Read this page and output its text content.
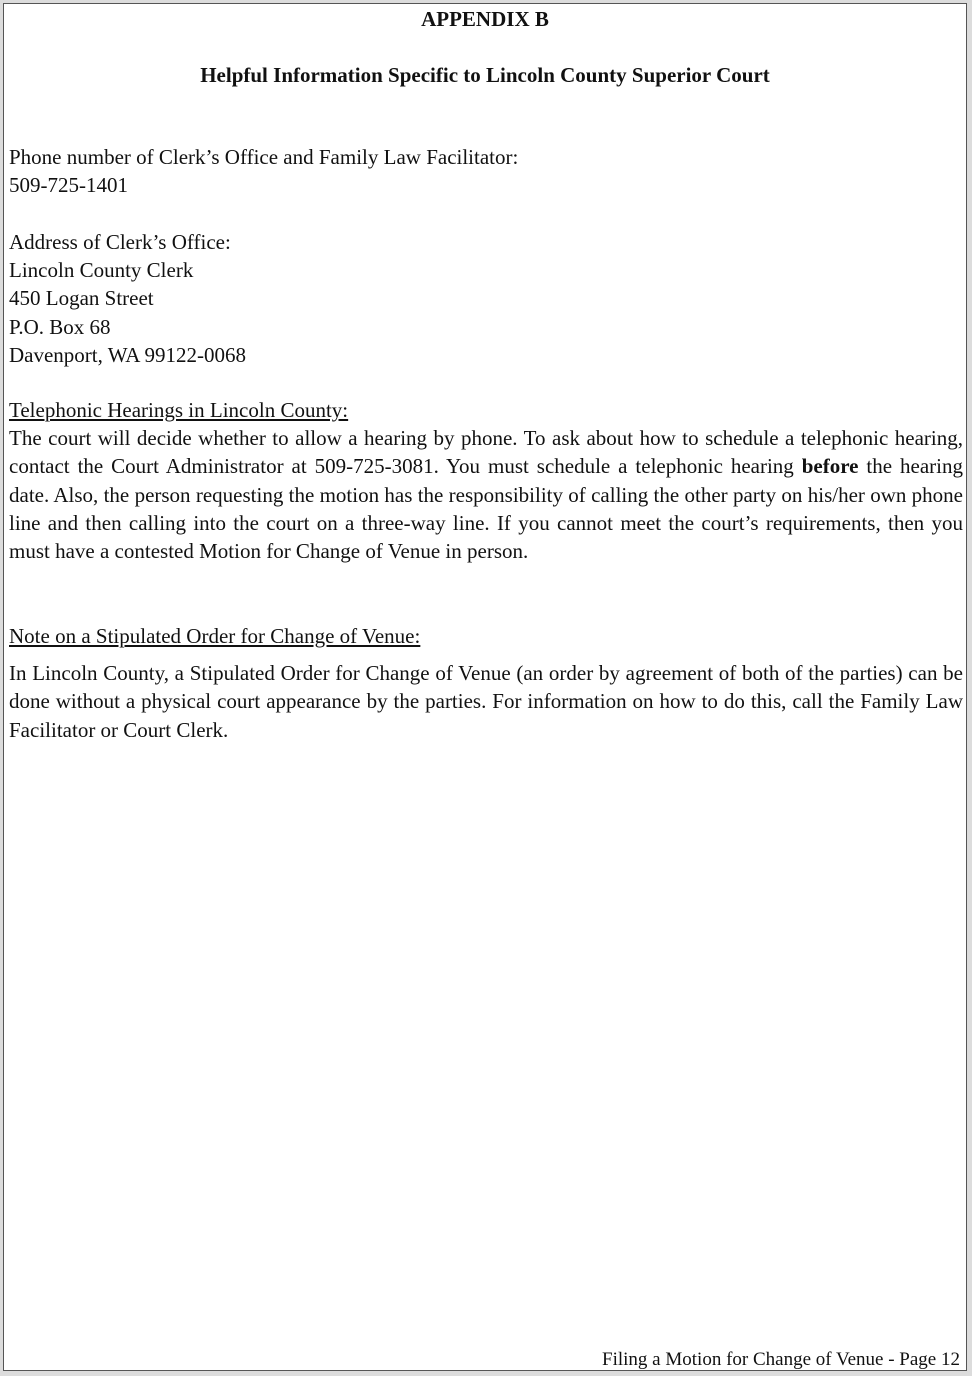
APPENDIX B
Helpful Information Specific to Lincoln County Superior Court
Phone number of Clerk’s Office and Family Law Facilitator:
509-725-1401
Address of Clerk’s Office:
Lincoln County Clerk
450 Logan Street
P.O. Box 68
Davenport, WA 99122-0068
Telephonic Hearings in Lincoln County:
The court will decide whether to allow a hearing by phone. To ask about how to schedule a telephonic hearing, contact the Court Administrator at 509-725-3081. You must schedule a telephonic hearing before the hearing date. Also, the person requesting the motion has the responsibility of calling the other party on his/her own phone line and then calling into the court on a three-way line. If you cannot meet the court’s requirements, then you must have a contested Motion for Change of Venue in person.
Note on a Stipulated Order for Change of Venue:
In Lincoln County, a Stipulated Order for Change of Venue (an order by agreement of both of the parties) can be done without a physical court appearance by the parties. For information on how to do this, call the Family Law Facilitator or Court Clerk.
Filing a Motion for Change of Venue - Page 12
